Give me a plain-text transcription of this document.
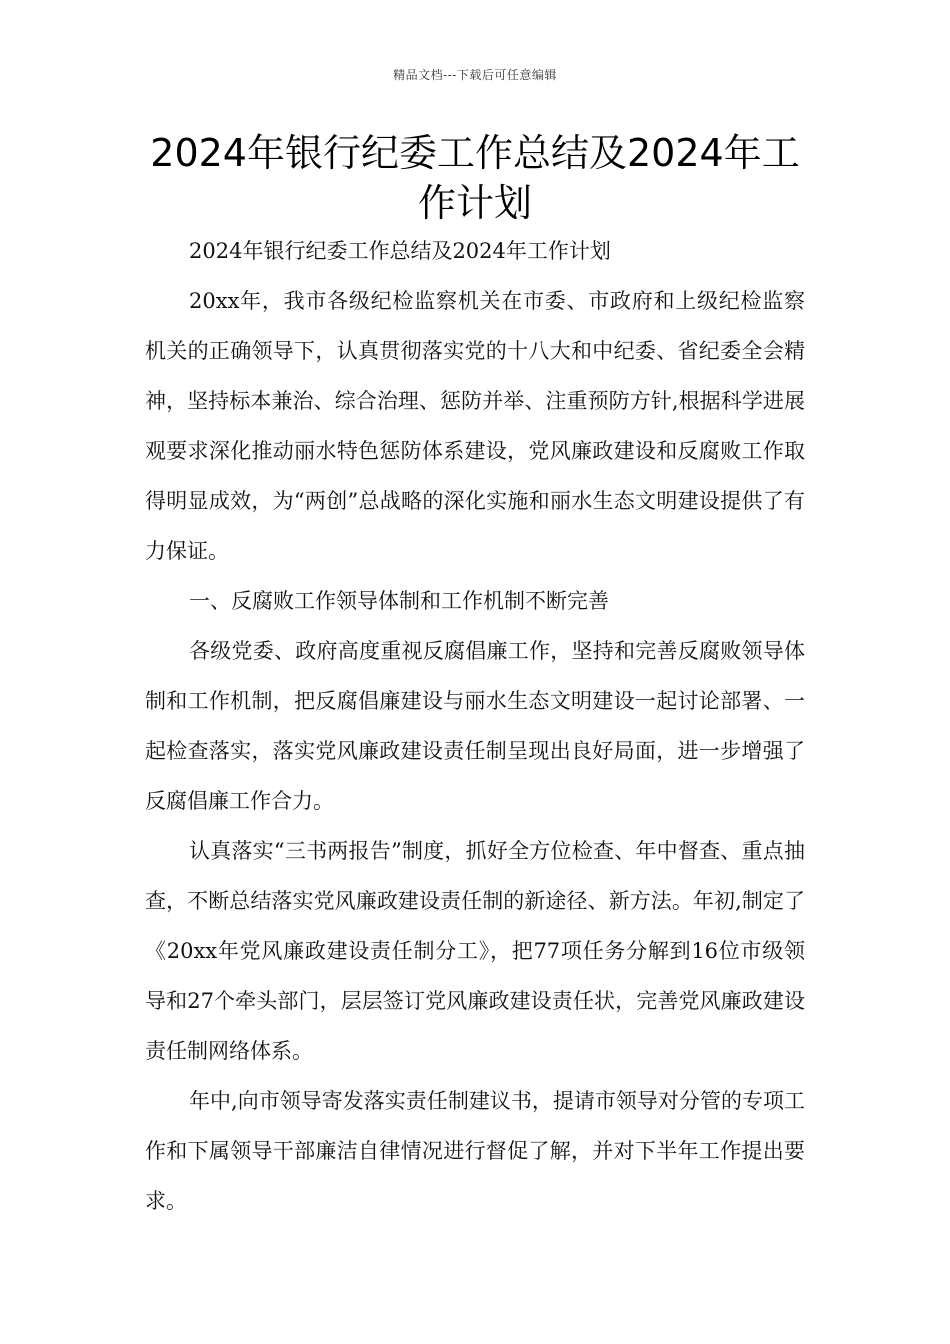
精品文档---下载后可任意编辑
2024年银行纪委工作总结及2024年工作计划

2024年银行纪委工作总结及2024年工作计划

20xx年，我市各级纪检监察机关在市委、市政府和上级纪检监察机关的正确领导下，认真贯彻落实党的十八大和中纪委、省纪委全会精神，坚持标本兼治、综合治理、惩防并举、注重预防方针,根据科学进展观要求深化推动丽水特色惩防体系建设，党风廉政建设和反腐败工作取得明显成效，为“两创”总战略的深化实施和丽水生态文明建设提供了有力保证。

一、反腐败工作领导体制和工作机制不断完善

各级党委、政府高度重视反腐倡廉工作，坚持和完善反腐败领导体制和工作机制，把反腐倡廉建设与丽水生态文明建设一起讨论部署、一起检查落实，落实党风廉政建设责任制呈现出良好局面，进一步增强了反腐倡廉工作合力。

认真落实“三书两报告”制度，抓好全方位检查、年中督查、重点抽查，不断总结落实党风廉政建设责任制的新途径、新方法。年初,制定了《20xx年党风廉政建设责任制分工》，把77项任务分解到16位市级领导和27个牵头部门，层层签订党风廉政建设责任状，完善党风廉政建设责任制网络体系。

年中,向市领导寄发落实责任制建议书，提请市领导对分管的专项工作和下属领导干部廉洁自律情况进行督促了解，并对下半年工作提出要求。
